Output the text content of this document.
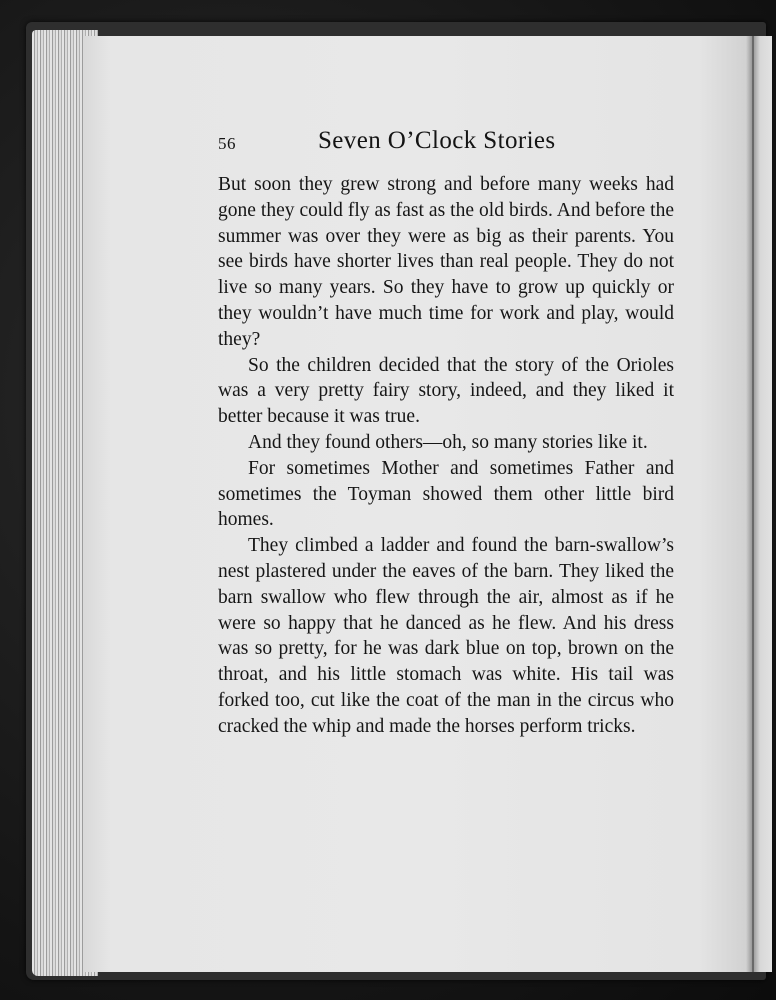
56	Seven O’Clock Stories

But soon they grew strong and before many weeks had gone they could fly as fast as the old birds. And before the summer was over they were as big as their parents. You see birds have shorter lives than real people. They do not live so many years. So they have to grow up quickly or they wouldn’t have much time for work and play, would they?

So the children decided that the story of the Orioles was a very pretty fairy story, indeed, and they liked it better because it was true.

And they found others—oh, so many stories like it.

For sometimes Mother and sometimes Father and sometimes the Toyman showed them other little bird homes.

They climbed a ladder and found the barn-swallow’s nest plastered under the eaves of the barn. They liked the barn swallow who flew through the air, almost as if he were so happy that he danced as he flew. And his dress was so pretty, for he was dark blue on top, brown on the throat, and his little stomach was white. His tail was forked too, cut like the coat of the man in the circus who cracked the whip and made the horses perform tricks.
